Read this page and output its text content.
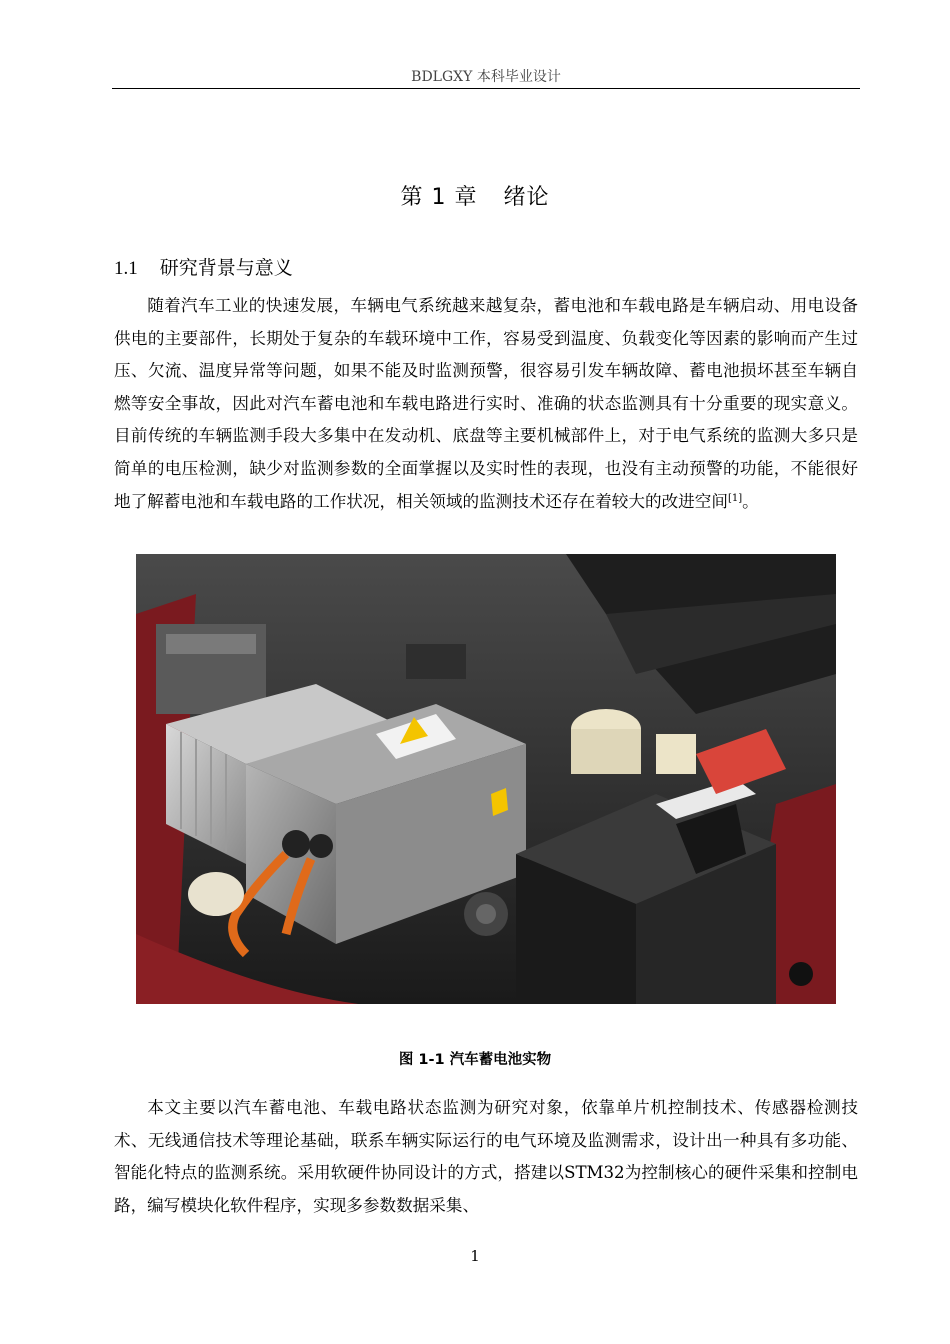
BDLGXY 本科毕业设计
第 1 章 绪论
1.1 研究背景与意义
随着汽车工业的快速发展，车辆电气系统越来越复杂，蓄电池和车载电路是车辆启动、用电设备供电的主要部件，长期处于复杂的车载环境中工作，容易受到温度、负载变化等因素的影响而产生过压、欠流、温度异常等问题，如果不能及时监测预警，很容易引发车辆故障、蓄电池损坏甚至车辆自燃等安全事故，因此对汽车蓄电池和车载电路进行实时、准确的状态监测具有十分重要的现实意义。目前传统的车辆监测手段大多集中在发动机、底盘等主要机械部件上，对于电气系统的监测大多只是简单的电压检测，缺少对监测参数的全面掌握以及实时性的表现，也没有主动预警的功能，不能很好地了解蓄电池和车载电路的工作状况，相关领域的监测技术还存在着较大的改进空间[1]。
图 1-1 汽车蓄电池实物
本文主要以汽车蓄电池、车载电路状态监测为研究对象，依靠单片机控制技术、传感器检测技术、无线通信技术等理论基础，联系车辆实际运行的电气环境及监测需求，设计出一种具有多功能、智能化特点的监测系统。采用软硬件协同设计的方式，搭建以STM32为控制核心的硬件采集和控制电路，编写模块化软件程序，实现多参数数据采集、
1
